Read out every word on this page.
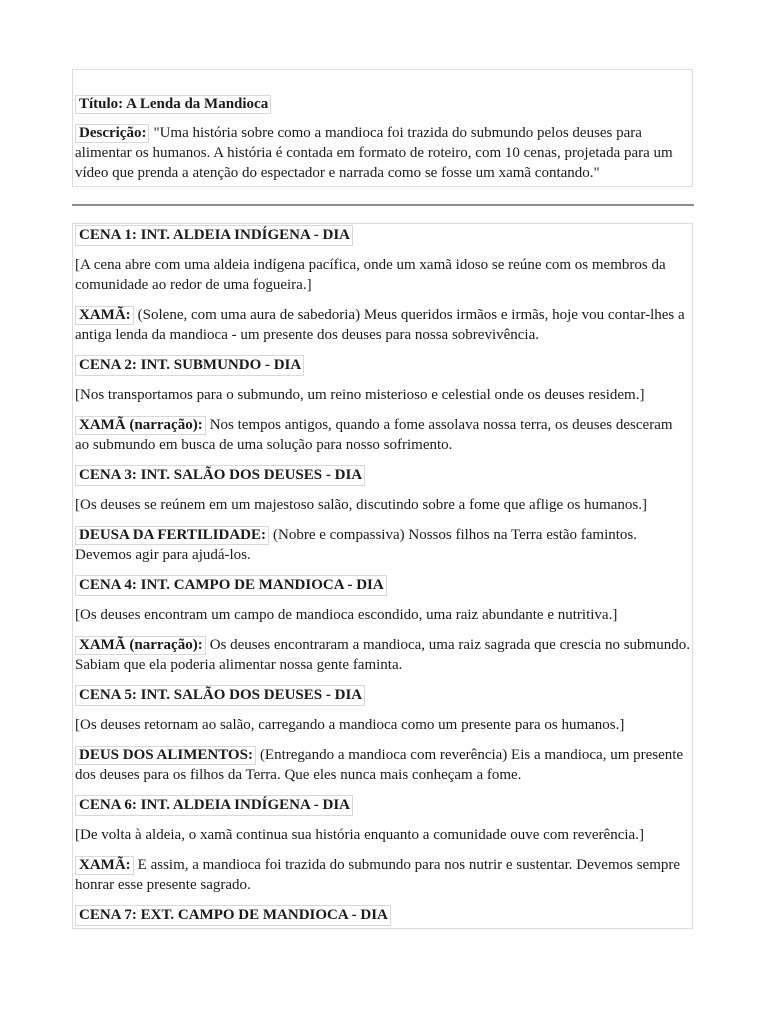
Título: A Lenda da Mandioca

Descrição: "Uma história sobre como a mandioca foi trazida do submundo pelos deuses para alimentar os humanos. A história é contada em formato de roteiro, com 10 cenas, projetada para um vídeo que prenda a atenção do espectador e narrada como se fosse um xamã contando."

CENA 1: INT. ALDEIA INDÍGENA - DIA

[A cena abre com uma aldeia indígena pacífica, onde um xamã idoso se reúne com os membros da comunidade ao redor de uma fogueira.]

XAMÃ: (Solene, com uma aura de sabedoria) Meus queridos irmãos e irmãs, hoje vou contar-lhes a antiga lenda da mandioca - um presente dos deuses para nossa sobrevivência.

CENA 2: INT. SUBMUNDO - DIA

[Nos transportamos para o submundo, um reino misterioso e celestial onde os deuses residem.]

XAMÃ (narração): Nos tempos antigos, quando a fome assolava nossa terra, os deuses desceram ao submundo em busca de uma solução para nosso sofrimento.

CENA 3: INT. SALÃO DOS DEUSES - DIA

[Os deuses se reúnem em um majestoso salão, discutindo sobre a fome que aflige os humanos.]

DEUSA DA FERTILIDADE: (Nobre e compassiva) Nossos filhos na Terra estão famintos. Devemos agir para ajudá-los.

CENA 4: INT. CAMPO DE MANDIOCA - DIA

[Os deuses encontram um campo de mandioca escondido, uma raiz abundante e nutritiva.]

XAMÃ (narração): Os deuses encontraram a mandioca, uma raiz sagrada que crescia no submundo. Sabiam que ela poderia alimentar nossa gente faminta.

CENA 5: INT. SALÃO DOS DEUSES - DIA

[Os deuses retornam ao salão, carregando a mandioca como um presente para os humanos.]

DEUS DOS ALIMENTOS: (Entregando a mandioca com reverência) Eis a mandioca, um presente dos deuses para os filhos da Terra. Que eles nunca mais conheçam a fome.

CENA 6: INT. ALDEIA INDÍGENA - DIA

[De volta à aldeia, o xamã continua sua história enquanto a comunidade ouve com reverência.]

XAMÃ: E assim, a mandioca foi trazida do submundo para nos nutrir e sustentar. Devemos sempre honrar esse presente sagrado.

CENA 7: EXT. CAMPO DE MANDIOCA - DIA
